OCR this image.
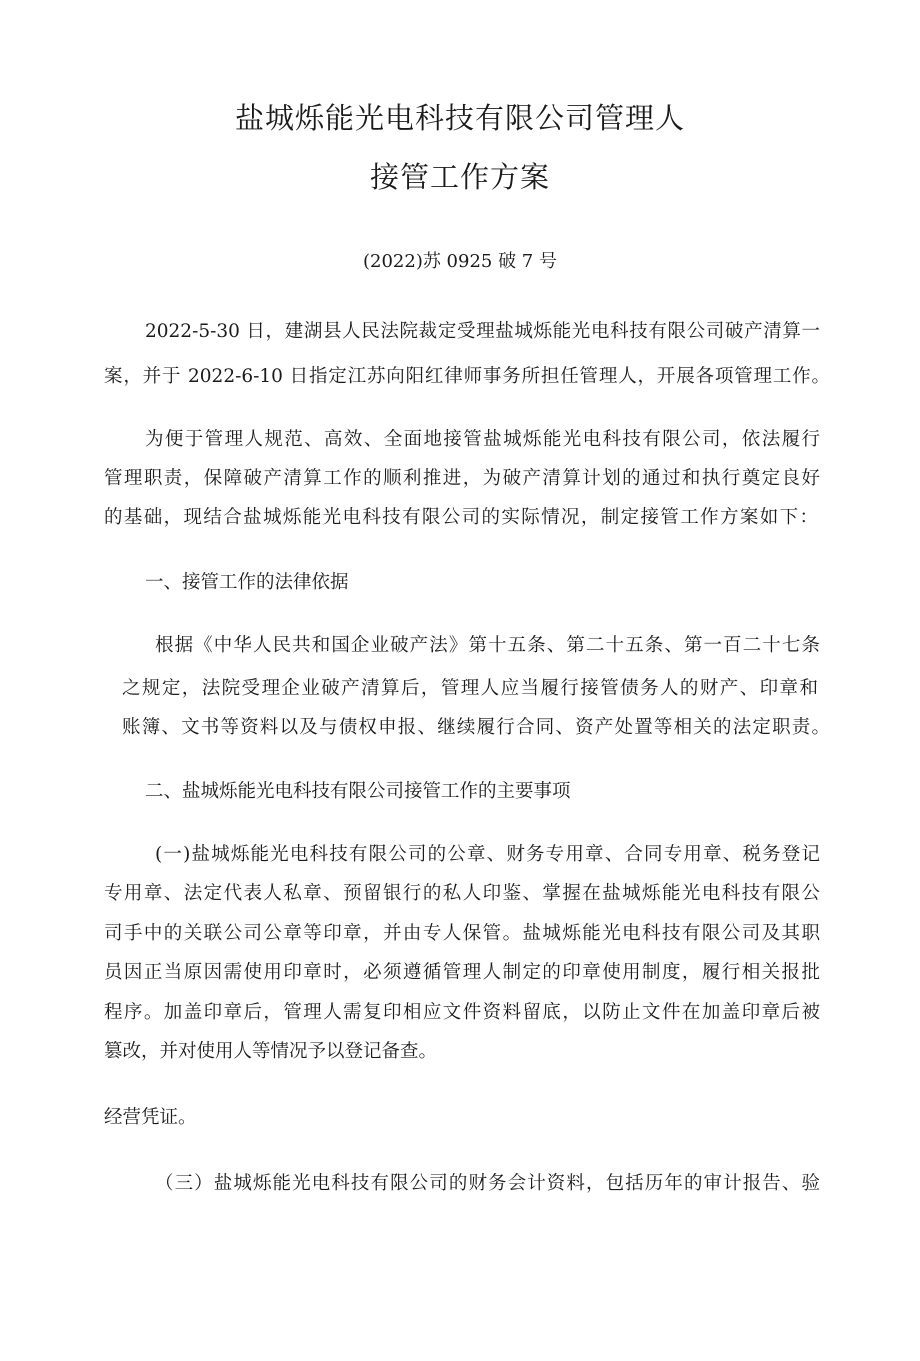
盐城烁能光电科技有限公司管理人
接管工作方案
(2022)苏 0925 破 7 号

2022-5-30 日，建湖县人民法院裁定受理盐城烁能光电科技有限公司破产清算一

案，并于 2022-6-10 日指定江苏向阳红律师事务所担任管理人，开展各项管理工作。

为便于管理人规范、高效、全面地接管盐城烁能光电科技有限公司，依法履行

管理职责，保障破产清算工作的顺利推进，为破产清算计划的通过和执行奠定良好

的基础，现结合盐城烁能光电科技有限公司的实际情况，制定接管工作方案如下：

一、接管工作的法律依据

根据《中华人民共和国企业破产法》第十五条、第二十五条、第一百二十七条

之规定，法院受理企业破产清算后，管理人应当履行接管债务人的财产、印章和

账簿、文书等资料以及与债权申报、继续履行合同、资产处置等相关的法定职责。

二、盐城烁能光电科技有限公司接管工作的主要事项

(一)盐城烁能光电科技有限公司的公章、财务专用章、合同专用章、税务登记

专用章、法定代表人私章、预留银行的私人印鉴、掌握在盐城烁能光电科技有限公

司手中的关联公司公章等印章，并由专人保管。盐城烁能光电科技有限公司及其职

员因正当原因需使用印章时，必须遵循管理人制定的印章使用制度，履行相关报批

程序。加盖印章后，管理人需复印相应文件资料留底，以防止文件在加盖印章后被

篡改，并对使用人等情况予以登记备查。

经营凭证。

（三）盐城烁能光电科技有限公司的财务会计资料，包括历年的审计报告、验
